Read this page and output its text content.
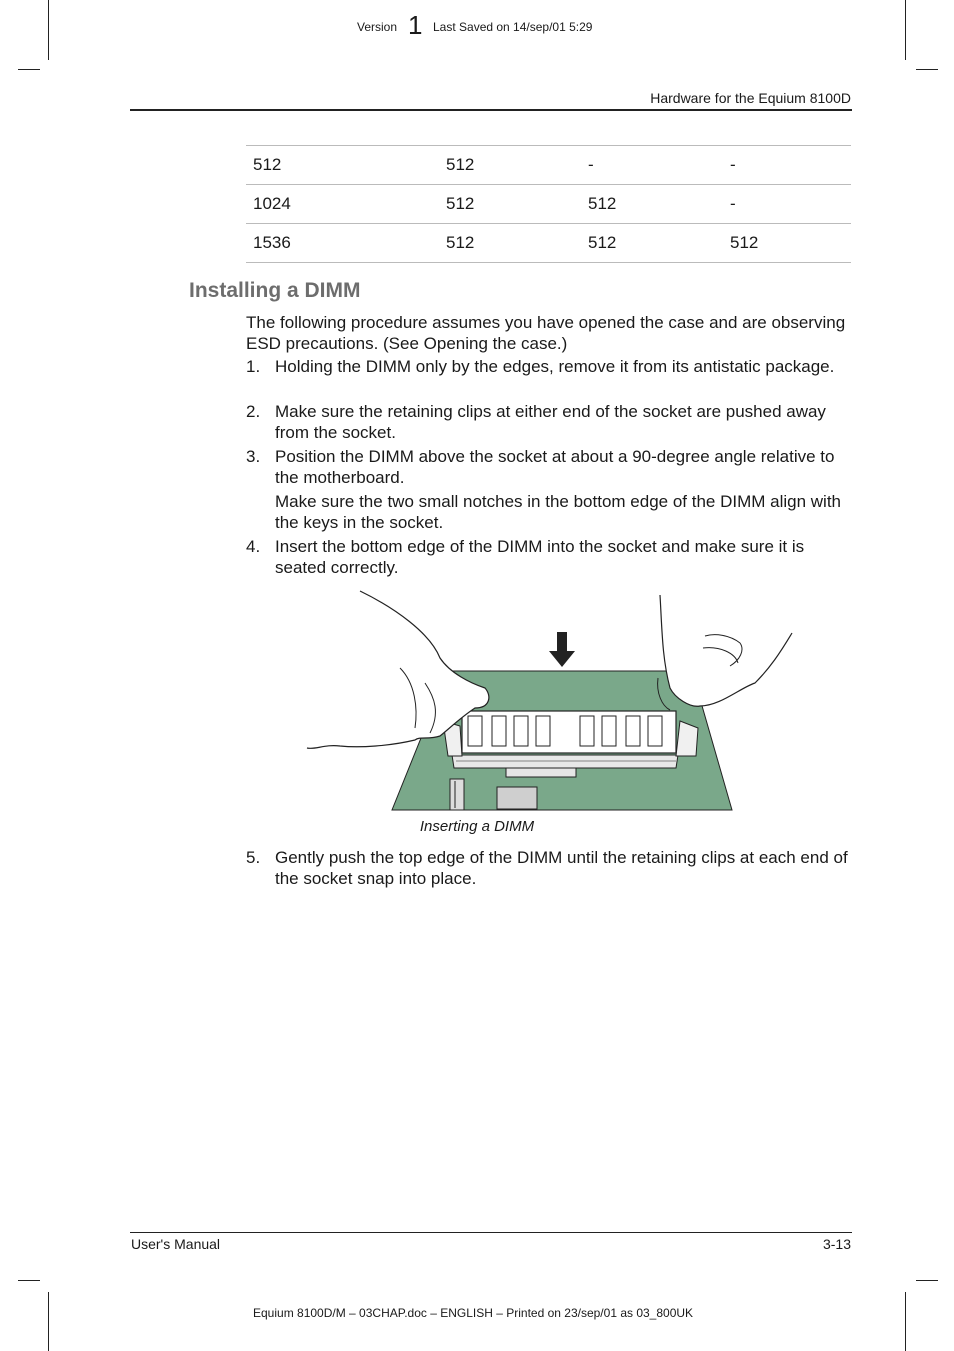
Version 1 Last Saved on 14/sep/01 5:29
Hardware for the Equium 8100D
512	512	-	-
1024	512	512	-
1536	512	512	512
Installing a DIMM
The following procedure assumes you have opened the case and are observing ESD precautions. (See Opening the case.)
1. Holding the DIMM only by the edges, remove it from its antistatic package.
2. Make sure the retaining clips at either end of the socket are pushed away from the socket.
3. Position the DIMM above the socket at about a 90-degree angle relative to the motherboard.
Make sure the two small notches in the bottom edge of the DIMM align with the keys in the socket.
4. Insert the bottom edge of the DIMM into the socket and make sure it is seated correctly.
Inserting a DIMM
5. Gently push the top edge of the DIMM until the retaining clips at each end of the socket snap into place.
User's Manual	3-13
Equium 8100D/M – 03CHAP.doc – ENGLISH – Printed on 23/sep/01 as 03_800UK
